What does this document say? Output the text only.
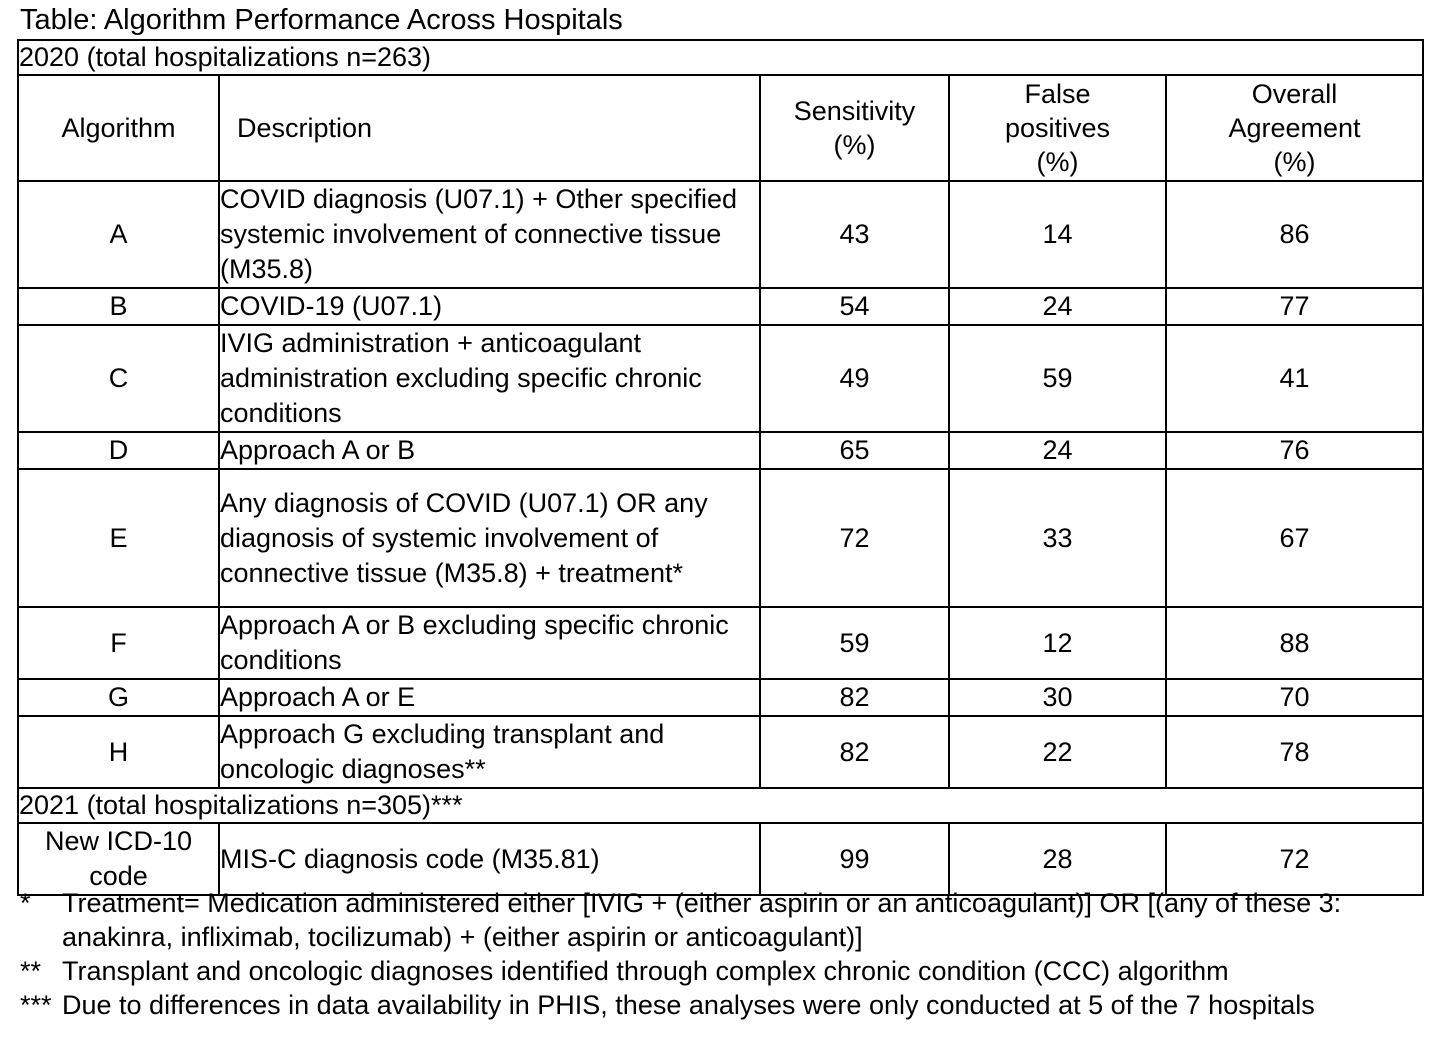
Table: Algorithm Performance Across Hospitals
2020 (total hospitalizations n=263)				
Algorithm	Description	Sensitivity (%)	False positives (%)	Overall Agreement (%)
A	COVID diagnosis (U07.1) + Other specified systemic involvement of connective tissue (M35.8)	43	14	86
B	COVID-19 (U07.1)	54	24	77
C	IVIG administration + anticoagulant administration excluding specific chronic conditions	49	59	41
D	Approach A or B	65	24	76
E	Any diagnosis of COVID (U07.1) OR any diagnosis of systemic involvement of connective tissue (M35.8) + treatment*	72	33	67
F	Approach A or B excluding specific chronic conditions	59	12	88
G	Approach A or E	82	30	70
H	Approach G excluding transplant and oncologic diagnoses**	82	22	78
2021 (total hospitalizations n=305)***				
New ICD-10 code	MIS-C diagnosis code (M35.81)	99	28	72
*	Treatment= Medication administered either [IVIG + (either aspirin or an anticoagulant)] OR [(any of these 3: anakinra, infliximab, tocilizumab) + (either aspirin or anticoagulant)]
** Transplant and oncologic diagnoses identified through complex chronic condition (CCC) algorithm
*** Due to differences in data availability in PHIS, these analyses were only conducted at 5 of the 7 hospitals
